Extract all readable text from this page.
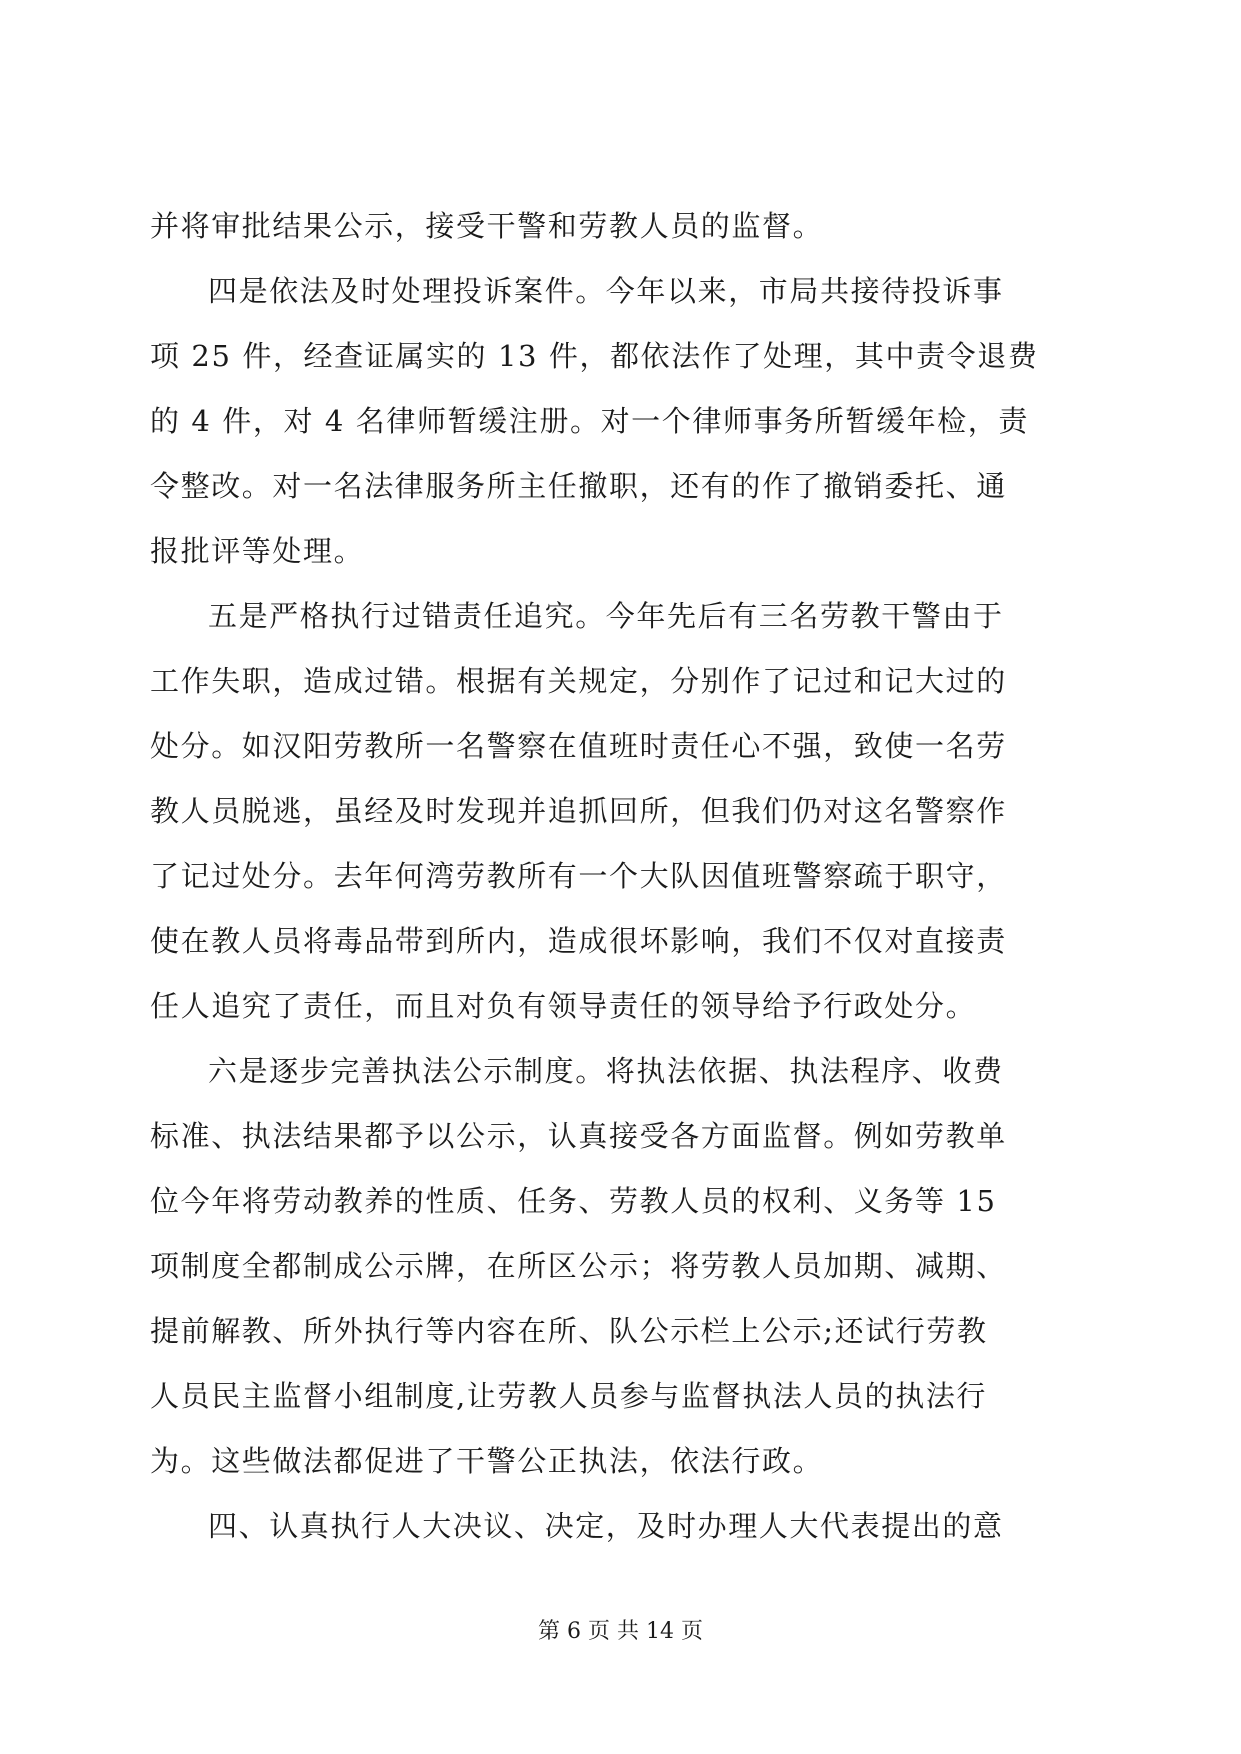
并将审批结果公示，接受干警和劳教人员的监督。
四是依法及时处理投诉案件。今年以来，市局共接待投诉事
项 25 件，经查证属实的 13 件，都依法作了处理，其中责令退费
的 4 件，对 4 名律师暂缓注册。对一个律师事务所暂缓年检，责
令整改。对一名法律服务所主任撤职，还有的作了撤销委托、通
报批评等处理。
五是严格执行过错责任追究。今年先后有三名劳教干警由于
工作失职，造成过错。根据有关规定，分别作了记过和记大过的
处分。如汉阳劳教所一名警察在值班时责任心不强，致使一名劳
教人员脱逃，虽经及时发现并追抓回所，但我们仍对这名警察作
了记过处分。去年何湾劳教所有一个大队因值班警察疏于职守，
使在教人员将毒品带到所内，造成很坏影响，我们不仅对直接责
任人追究了责任，而且对负有领导责任的领导给予行政处分。
六是逐步完善执法公示制度。将执法依据、执法程序、收费
标准、执法结果都予以公示，认真接受各方面监督。例如劳教单
位今年将劳动教养的性质、任务、劳教人员的权利、义务等 15
项制度全都制成公示牌，在所区公示；将劳教人员加期、减期、
提前解教、所外执行等内容在所、队公示栏上公示;还试行劳教
人员民主监督小组制度,让劳教人员参与监督执法人员的执法行
为。这些做法都促进了干警公正执法，依法行政。
四、认真执行人大决议、决定，及时办理人大代表提出的意
第 6 页 共 14 页
